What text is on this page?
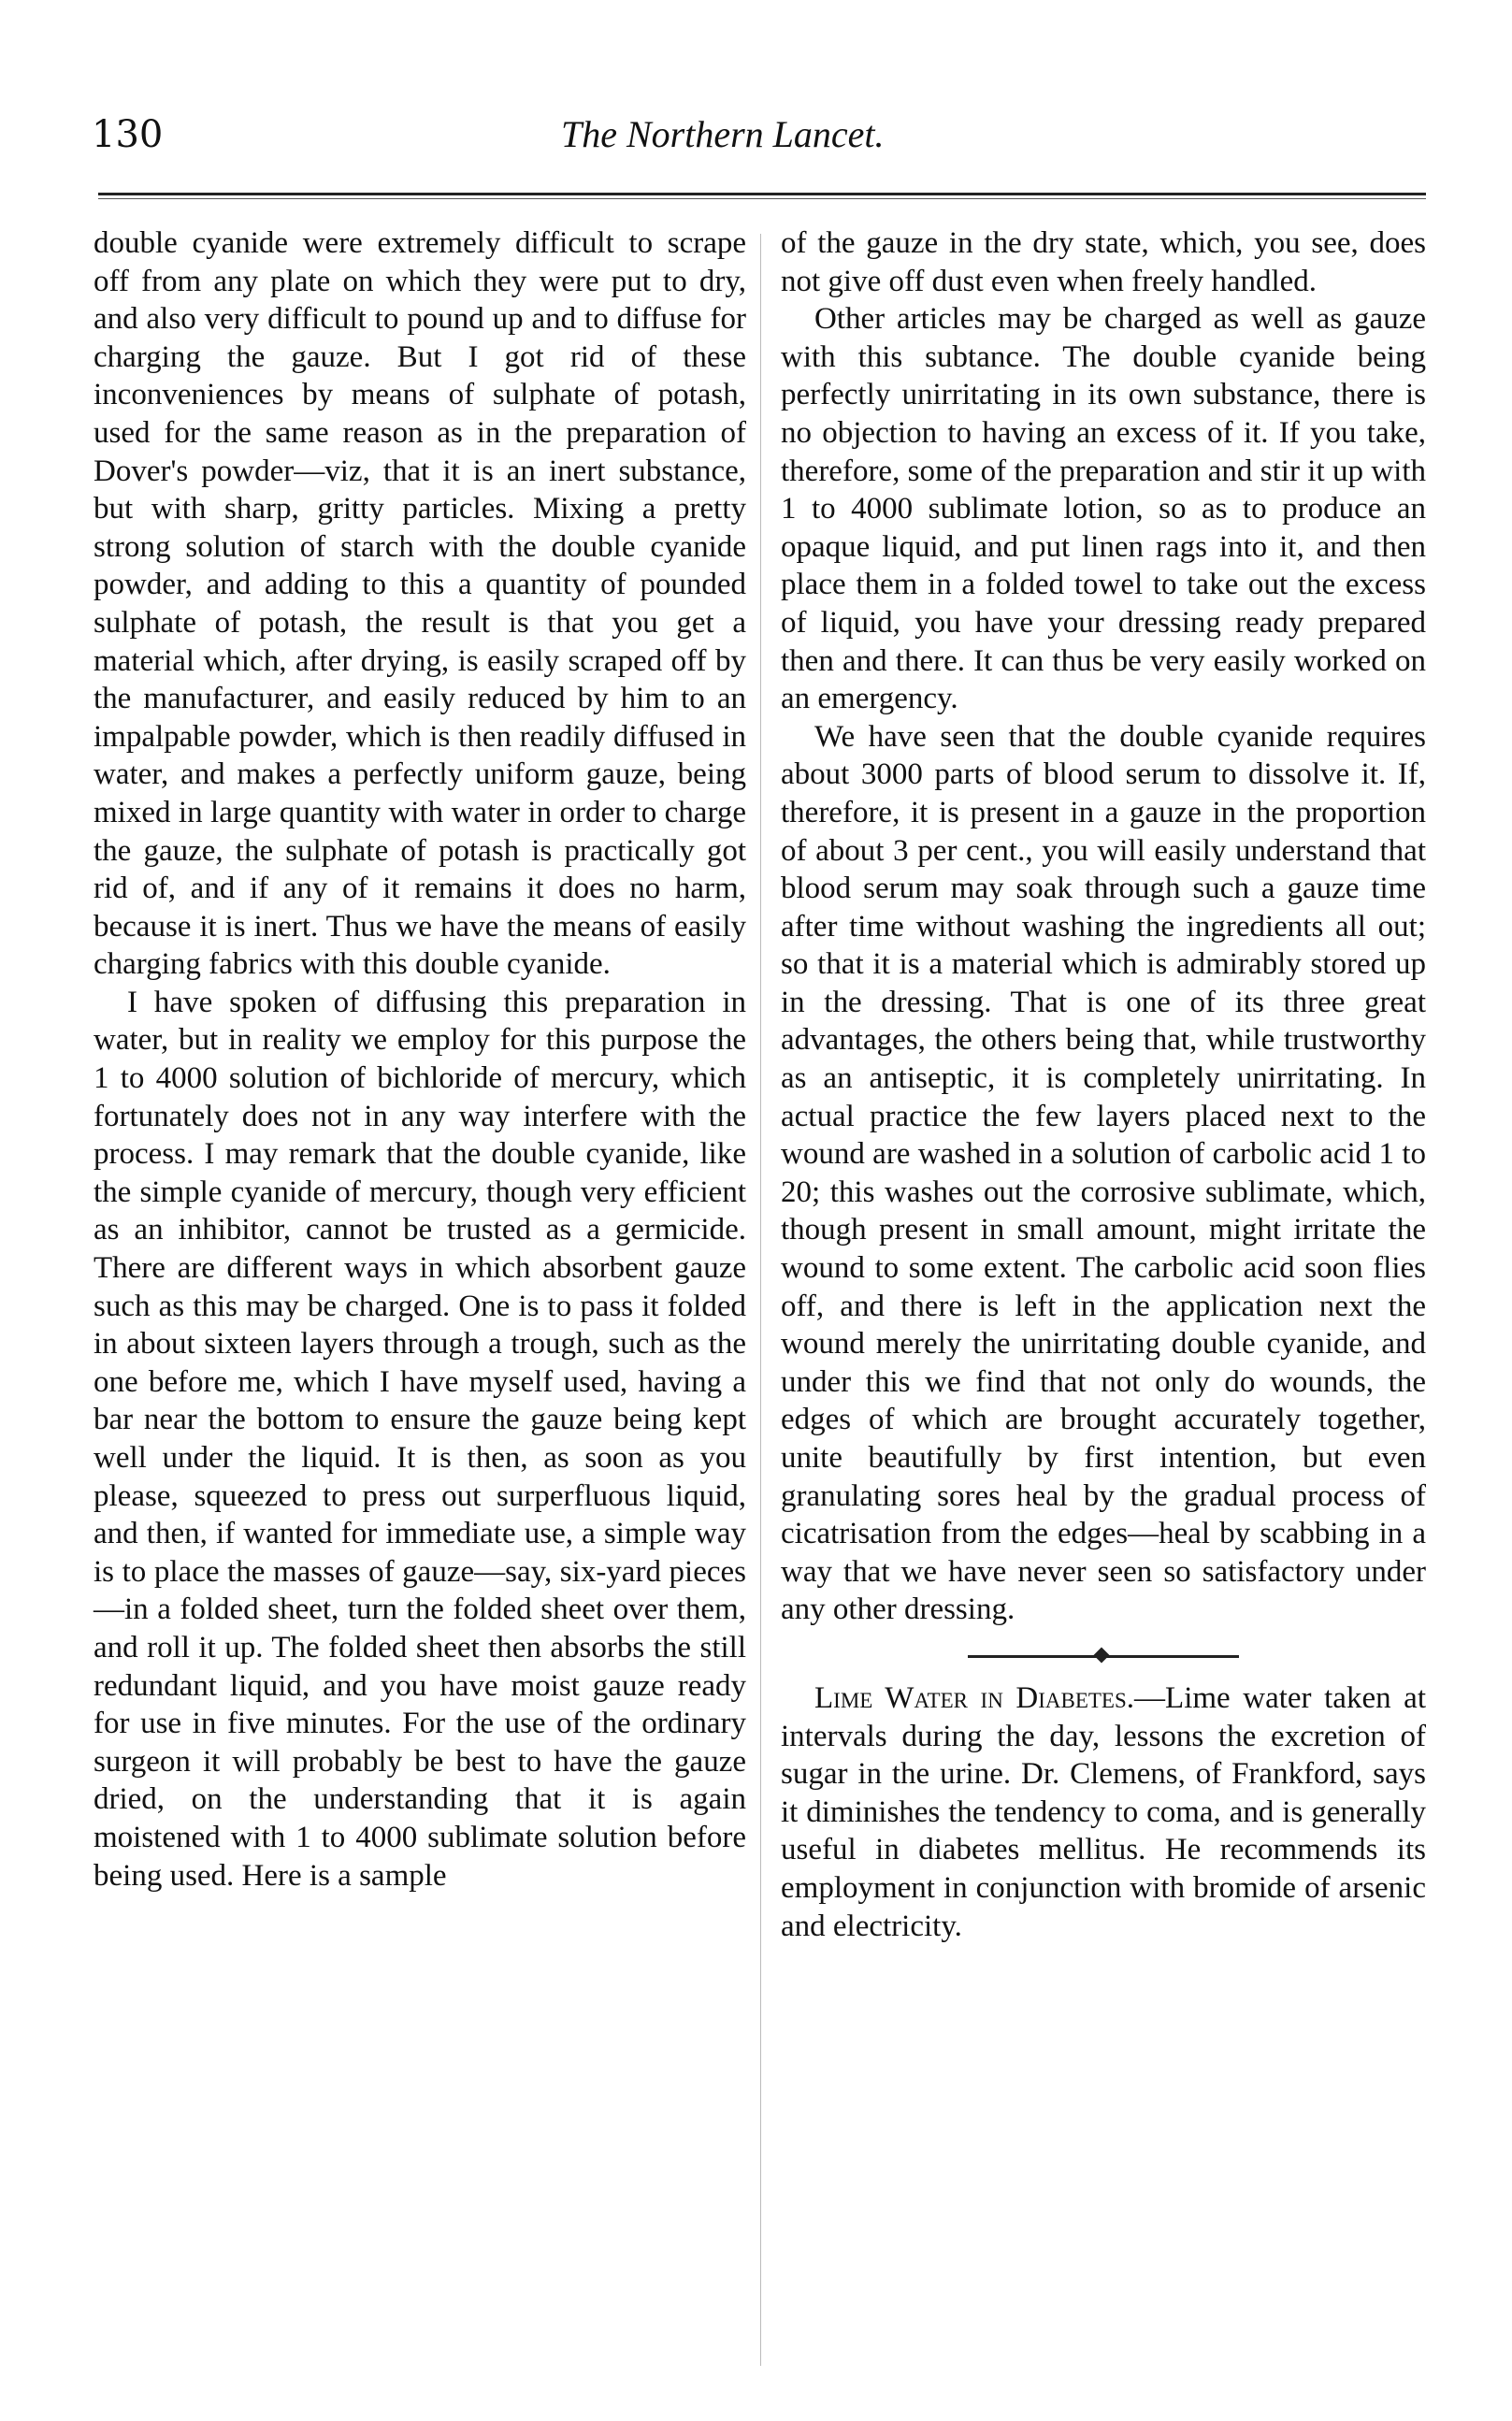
130	The Northern Lancet.

double cyanide were extremely difficult to scrape off from any plate on which they were put to dry, and also very difficult to pound up and to diffuse for charging the gauze. But I got rid of these inconveniences by means of sulphate of potash, used for the same reason as in the preparation of Dover's powder—viz, that it is an inert substance, but with sharp, gritty particles. Mixing a pretty strong solution of starch with the double cyanide powder, and adding to this a quantity of pounded sulphate of potash, the result is that you get a material which, after drying, is easily scraped off by the manufacturer, and easily reduced by him to an impalpable powder, which is then readily diffused in water, and makes a perfectly uniform gauze, being mixed in large quantity with water in order to charge the gauze, the sulphate of potash is practically got rid of, and if any of it remains it does no harm, because it is inert. Thus we have the means of easily charging fabrics with this double cyanide.

I have spoken of diffusing this preparation in water, but in reality we employ for this purpose the 1 to 4000 solution of bichloride of mercury, which fortunately does not in any way interfere with the process. I may remark that the double cyanide, like the simple cyanide of mercury, though very efficient as an inhibitor, cannot be trusted as a germicide. There are different ways in which absorbent gauze such as this may be charged. One is to pass it folded in about sixteen layers through a trough, such as the one before me, which I have myself used, having a bar near the bottom to ensure the gauze being kept well under the liquid. It is then, as soon as you please, squeezed to press out surperfluous liquid, and then, if wanted for immediate use, a simple way is to place the masses of gauze—say, six-yard pieces—in a folded sheet, turn the folded sheet over them, and roll it up. The folded sheet then absorbs the still redundant liquid, and you have moist gauze ready for use in five minutes. For the use of the ordinary surgeon it will probably be best to have the gauze dried, on the understanding that it is again moistened with 1 to 4000 sublimate solution before being used. Here is a sample

of the gauze in the dry state, which, you see, does not give off dust even when freely handled.

Other articles may be charged as well as gauze with this subtance. The double cyanide being perfectly unirritating in its own substance, there is no objection to having an excess of it. If you take, therefore, some of the preparation and stir it up with 1 to 4000 sublimate lotion, so as to produce an opaque liquid, and put linen rags into it, and then place them in a folded towel to take out the excess of liquid, you have your dressing ready prepared then and there. It can thus be very easily worked on an emergency.

We have seen that the double cyanide requires about 3000 parts of blood serum to dissolve it. If, therefore, it is present in a gauze in the proportion of about 3 per cent., you will easily understand that blood serum may soak through such a gauze time after time without washing the ingredients all out; so that it is a material which is admirably stored up in the dressing. That is one of its three great advantages, the others being that, while trustworthy as an antiseptic, it is completely unirritating. In actual practice the few layers placed next to the wound are washed in a solution of carbolic acid 1 to 20; this washes out the corrosive sublimate, which, though present in small amount, might irritate the wound to some extent. The carbolic acid soon flies off, and there is left in the application next the wound merely the unirritating double cyanide, and under this we find that not only do wounds, the edges of which are brought accurately together, unite beautifully by first intention, but even granulating sores heal by the gradual process of cicatrisation from the edges—heal by scabbing in a way that we have never seen so satisfactory under any other dressing.

Lime Water in Diabetes.—Lime water taken at intervals during the day, lessons the excretion of sugar in the urine. Dr. Clemens, of Frankford, says it diminishes the tendency to coma, and is generally useful in diabetes mellitus. He recommends its employment in conjunction with bromide of arsenic and electricity.
